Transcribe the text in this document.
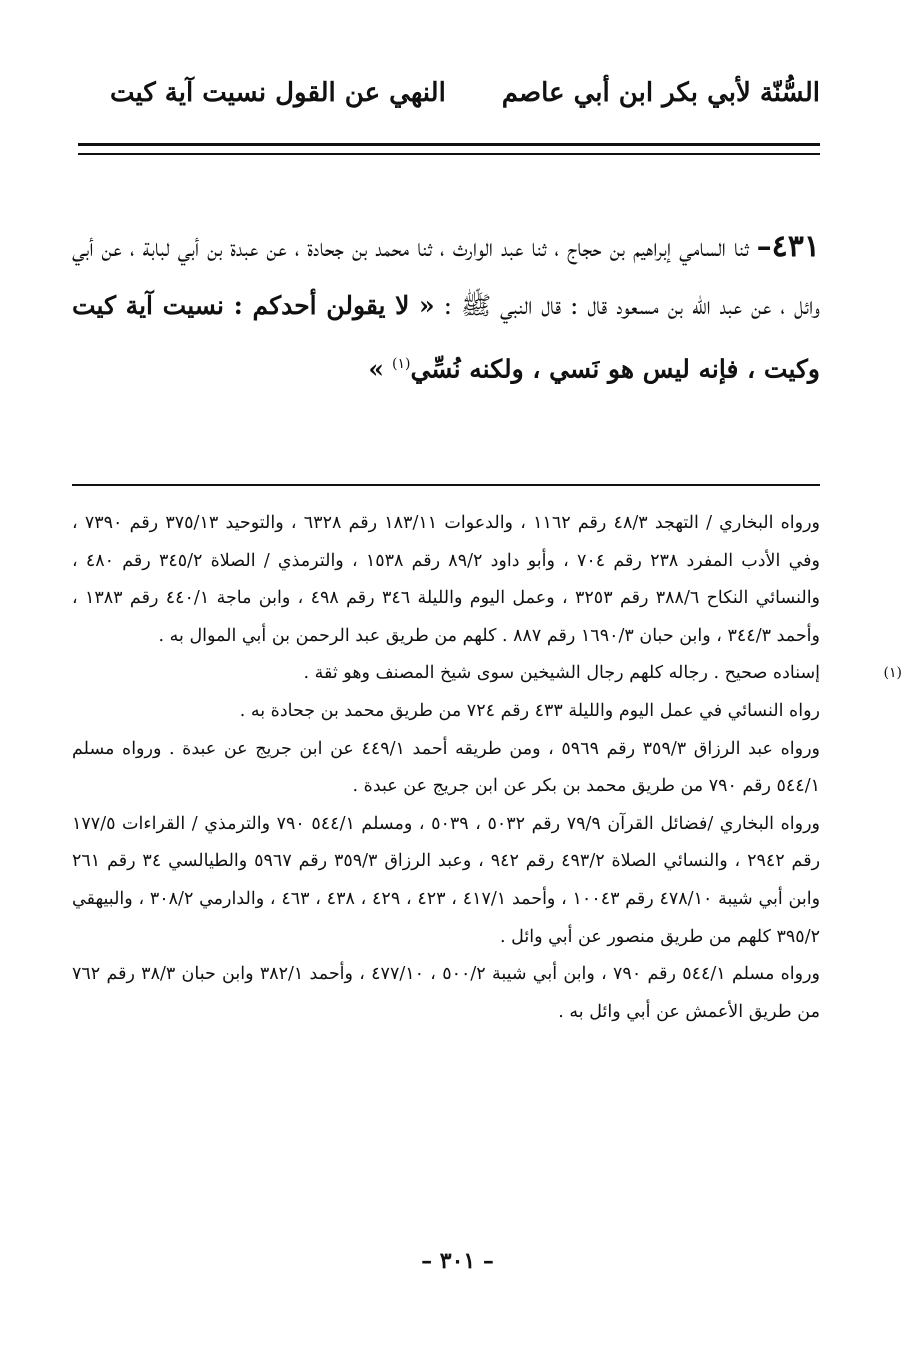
السُّنّة لأبي بكر ابن أبي عاصم
النهي عن القول نسيت آية كيت
٤٣١– ثنا السامي إبراهيم بن حجاج ، ثنا عبد الوارث ، ثنا محمد بن جحادة ، عن عبدة بن أبي لبابة ، عن أبي وائل ، عن عبد الله بن مسعود قال : قال النبي ﷺ : « لا يقولن أحدكم : نسيت آية كيت وكيت ، فإنه ليس هو نَسي ، ولكنه نُسِّي$^{(١)}$ »

ورواه البخاري / التهجد ٤٨/٣ رقم ١١٦٢ ، والدعوات ١٨٣/١١ رقم ٦٣٢٨ ، والتوحيد ٣٧٥/١٣ رقم ٧٣٩٠ ، وفي الأدب المفرد ٢٣٨ رقم ٧٠٤ ، وأبو داود ٨٩/٢ رقم ١٥٣٨ ، والترمذي / الصلاة ٣٤٥/٢ رقم ٤٨٠ ، والنسائي النكاح ٣٨٨/٦ رقم ٣٢٥٣ ، وعمل اليوم والليلة ٣٤٦ رقم ٤٩٨ ، وابن ماجة ٤٤٠/١ رقم ١٣٨٣ ، وأحمد ٣٤٤/٣ ، وابن حبان ١٦٩٠/٣ رقم ٨٨٧ . كلهم من طريق عبد الرحمن بن أبي الموال به .

(١)
إسناده صحيح . رجاله كلهم رجال الشيخين سوى شيخ المصنف وهو ثقة .

رواه النسائي في عمل اليوم والليلة ٤٣٣ رقم ٧٢٤ من طريق محمد بن جحادة به .

ورواه عبد الرزاق ٣٥٩/٣ رقم ٥٩٦٩ ، ومن طريقه أحمد ٤٤٩/١ عن ابن جريج عن عبدة . ورواه مسلم ٥٤٤/١ رقم ٧٩٠ من طريق محمد بن بكر عن ابن جريج عن عبدة .

ورواه البخاري /فضائل القرآن ٧٩/٩ رقم ٥٠٣٢ ، ٥٠٣٩ ، ومسلم ٥٤٤/١ ٧٩٠ والترمذي / القراءات ١٧٧/٥ رقم ٢٩٤٢ ، والنسائي الصلاة ٤٩٣/٢ رقم ٩٤٢ ، وعبد الرزاق ٣٥٩/٣ رقم ٥٩٦٧ والطيالسي ٣٤ رقم ٢٦١ وابن أبي شيبة ٤٧٨/١٠ رقم ١٠٠٤٣ ، وأحمد ٤١٧/١ ، ٤٢٣ ، ٤٢٩ ، ٤٣٨ ، ٤٦٣ ، والدارمي ٣٠٨/٢ ، والبيهقي ٣٩٥/٢ كلهم من طريق منصور عن أبي وائل .

ورواه مسلم ٥٤٤/١ رقم ٧٩٠ ، وابن أبي شيبة ٥٠٠/٢ ، ٤٧٧/١٠ ، وأحمد ٣٨٢/١ وابن حبان ٣٨/٣ رقم ٧٦٢ من طريق الأعمش عن أبي وائل به .

– ٣٠١ –
